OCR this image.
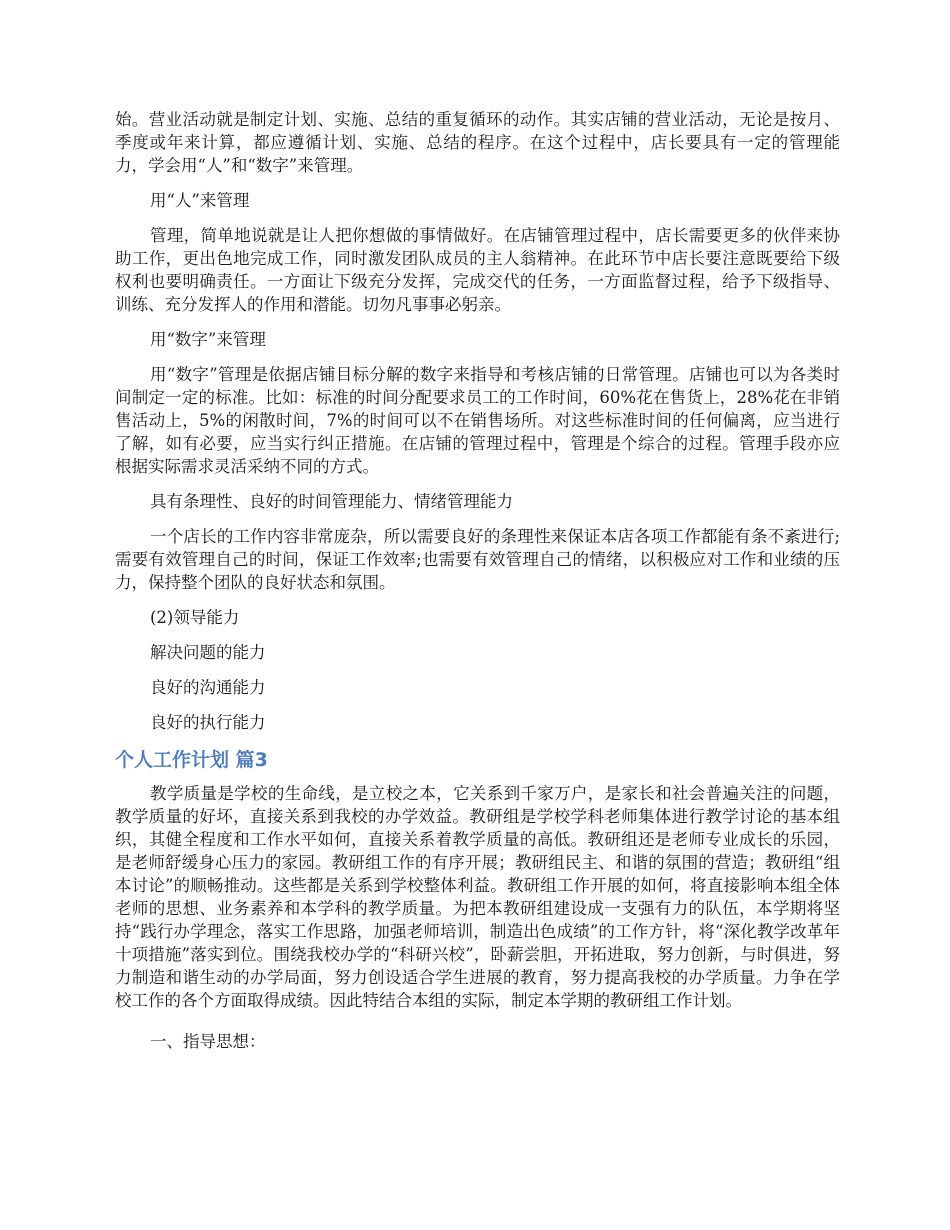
始。营业活动就是制定计划、实施、总结的重复循环的动作。其实店铺的营业活动，无论是按月、季度或年来计算，都应遵循计划、实施、总结的程序。在这个过程中，店长要具有一定的管理能力，学会用“人”和“数字”来管理。

用“人”来管理

管理，简单地说就是让人把你想做的事情做好。在店铺管理过程中，店长需要更多的伙伴来协助工作，更出色地完成工作，同时激发团队成员的主人翁精神。在此环节中店长要注意既要给下级权利也要明确责任。一方面让下级充分发挥，完成交代的任务，一方面监督过程，给予下级指导、训练、充分发挥人的作用和潜能。切勿凡事事必躬亲。

用“数字”来管理

用“数字”管理是依据店铺目标分解的数字来指导和考核店铺的日常管理。店铺也可以为各类时间制定一定的标准。比如：标准的时间分配要求员工的工作时间，60%花在售货上，28%花在非销售活动上，5%的闲散时间，7%的时间可以不在销售场所。对这些标准时间的任何偏离，应当进行了解，如有必要，应当实行纠正措施。在店铺的管理过程中，管理是个综合的过程。管理手段亦应根据实际需求灵活采纳不同的方式。

具有条理性、良好的时间管理能力、情绪管理能力

一个店长的工作内容非常庞杂，所以需要良好的条理性来保证本店各项工作都能有条不紊进行;需要有效管理自己的时间，保证工作效率;也需要有效管理自己的情绪，以积极应对工作和业绩的压力，保持整个团队的良好状态和氛围。

(2)领导能力

解决问题的能力

良好的沟通能力

良好的执行能力

个人工作计划 篇3

教学质量是学校的生命线，是立校之本，它关系到千家万户，是家长和社会普遍关注的问题，教学质量的好坏，直接关系到我校的办学效益。教研组是学校学科老师集体进行教学讨论的基本组织，其健全程度和工作水平如何，直接关系着教学质量的高低。教研组还是老师专业成长的乐园，是老师舒缓身心压力的家园。教研组工作的有序开展；教研组民主、和谐的氛围的营造；教研组“组本讨论”的顺畅推动。这些都是关系到学校整体利益。教研组工作开展的如何，将直接影响本组全体老师的思想、业务素养和本学科的教学质量。为把本教研组建设成一支强有力的队伍，本学期将坚持“践行办学理念，落实工作思路，加强老师培训，制造出色成绩”的工作方针，将“深化教学改革年十项措施”落实到位。围绕我校办学的“科研兴校”，卧薪尝胆，开拓进取，努力创新，与时俱进，努力制造和谐生动的办学局面，努力创设适合学生进展的教育，努力提高我校的办学质量。力争在学校工作的各个方面取得成绩。因此特结合本组的实际，制定本学期的教研组工作计划。

一、指导思想：
